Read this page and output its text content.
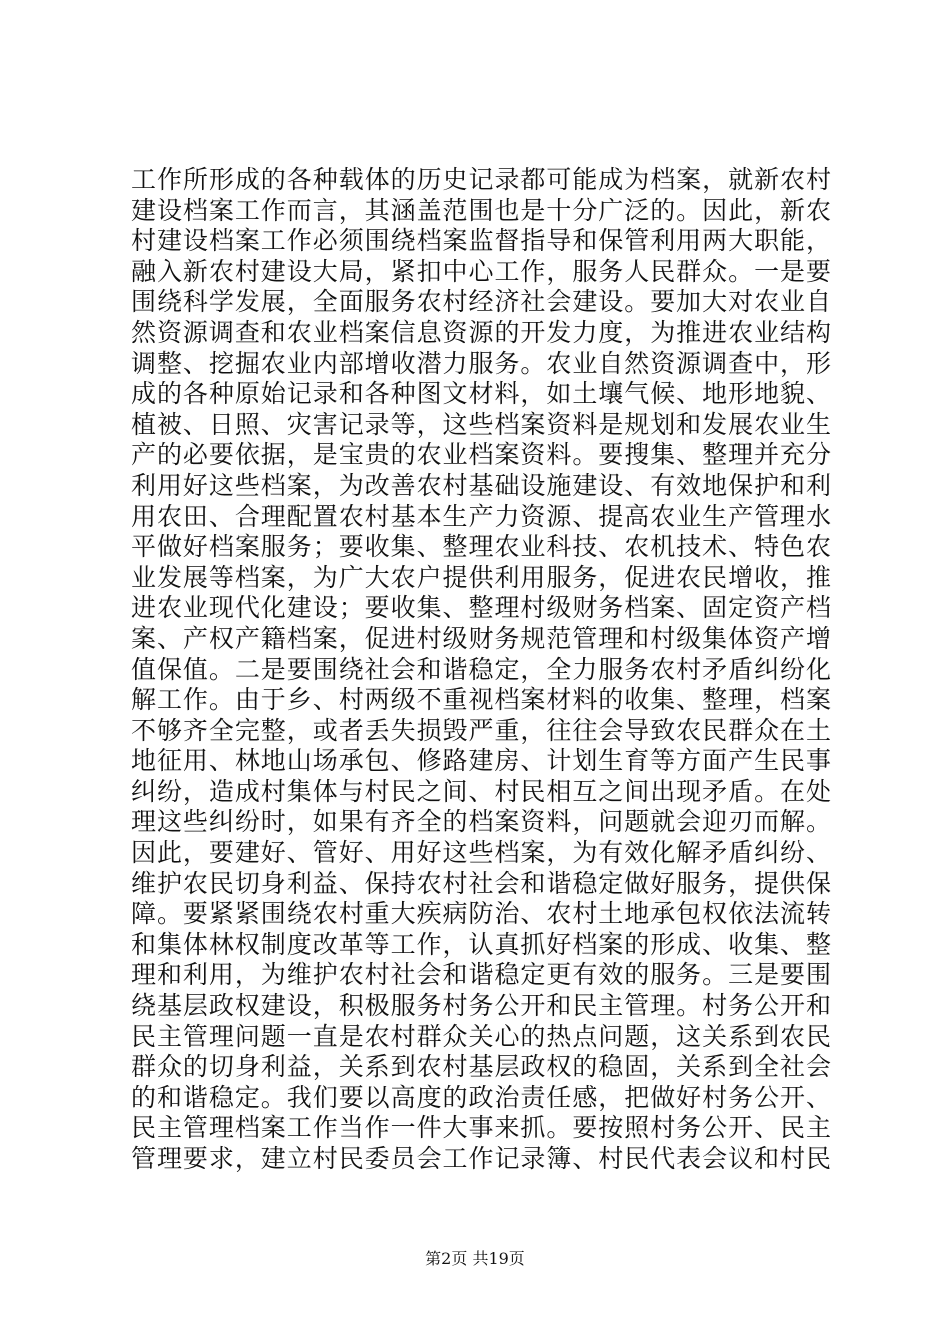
工作所形成的各种载体的历史记录都可能成为档案，就新农村
建设档案工作而言，其涵盖范围也是十分广泛的。因此，新农
村建设档案工作必须围绕档案监督指导和保管利用两大职能，
融入新农村建设大局，紧扣中心工作，服务人民群众。一是要
围绕科学发展，全面服务农村经济社会建设。要加大对农业自
然资源调查和农业档案信息资源的开发力度，为推进农业结构
调整、挖掘农业内部增收潜力服务。农业自然资源调查中，形
成的各种原始记录和各种图文材料，如土壤气候、地形地貌、
植被、日照、灾害记录等，这些档案资料是规划和发展农业生
产的必要依据，是宝贵的农业档案资料。要搜集、整理并充分
利用好这些档案，为改善农村基础设施建设、有效地保护和利
用农田、合理配置农村基本生产力资源、提高农业生产管理水
平做好档案服务；要收集、整理农业科技、农机技术、特色农
业发展等档案，为广大农户提供利用服务，促进农民增收，推
进农业现代化建设；要收集、整理村级财务档案、固定资产档
案、产权产籍档案，促进村级财务规范管理和村级集体资产增
值保值。二是要围绕社会和谐稳定，全力服务农村矛盾纠纷化
解工作。由于乡、村两级不重视档案材料的收集、整理，档案
不够齐全完整，或者丢失损毁严重，往往会导致农民群众在土
地征用、林地山场承包、修路建房、计划生育等方面产生民事
纠纷，造成村集体与村民之间、村民相互之间出现矛盾。在处
理这些纠纷时，如果有齐全的档案资料，问题就会迎刃而解。
因此，要建好、管好、用好这些档案，为有效化解矛盾纠纷、
维护农民切身利益、保持农村社会和谐稳定做好服务，提供保
障。要紧紧围绕农村重大疾病防治、农村土地承包权依法流转
和集体林权制度改革等工作，认真抓好档案的形成、收集、整
理和利用，为维护农村社会和谐稳定更有效的服务。三是要围
绕基层政权建设，积极服务村务公开和民主管理。村务公开和
民主管理问题一直是农村群众关心的热点问题，这关系到农民
群众的切身利益，关系到农村基层政权的稳固，关系到全社会
的和谐稳定。我们要以高度的政治责任感，把做好村务公开、
民主管理档案工作当作一件大事来抓。要按照村务公开、民主
管理要求，建立村民委员会工作记录簿、村民代表会议和村民
第2页 共19页
